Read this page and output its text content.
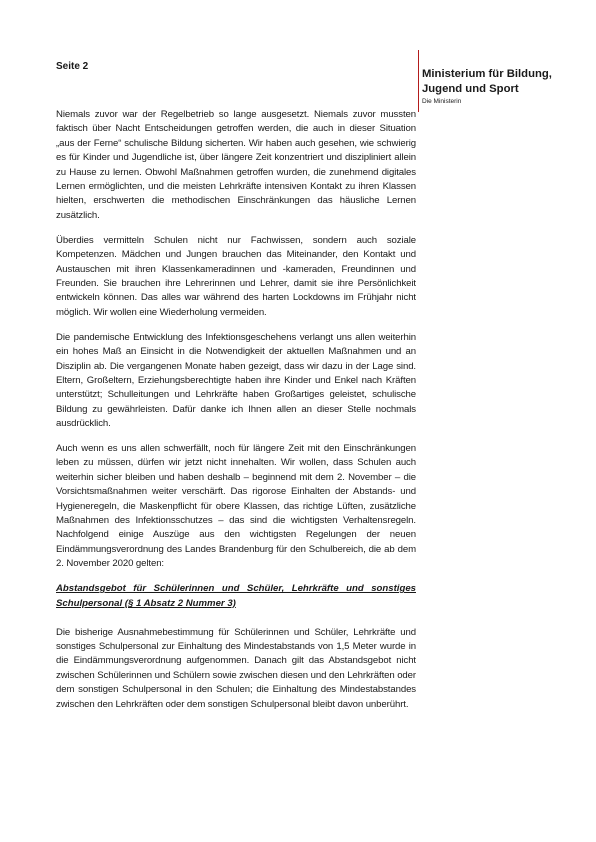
Seite 2
Ministerium für Bildung,
Jugend und Sport
Die Ministerin

Niemals zuvor war der Regelbetrieb so lange ausgesetzt. Niemals zuvor mussten faktisch über Nacht Entscheidungen getroffen werden, die auch in dieser Situation „aus der Ferne“ schulische Bildung sicherten. Wir haben auch gesehen, wie schwierig es für Kinder und Jugendliche ist, über längere Zeit konzentriert und diszipliniert allein zu Hause zu lernen. Obwohl Maßnahmen getroffen wurden, die zunehmend digitales Lernen ermöglichten, und die meisten Lehrkräfte intensiven Kontakt zu ihren Klassen hielten, erschwerten die methodischen Einschränkungen das häusliche Lernen zusätzlich.

Überdies vermitteln Schulen nicht nur Fachwissen, sondern auch soziale Kompetenzen. Mädchen und Jungen brauchen das Miteinander, den Kontakt und Austauschen mit ihren Klassenkameradinnen und -kameraden, Freundinnen und Freunden. Sie brauchen ihre Lehrerinnen und Lehrer, damit sie ihre Persönlichkeit entwickeln können. Das alles war während des harten Lockdowns im Frühjahr nicht möglich. Wir wollen eine Wiederholung vermeiden.

Die pandemische Entwicklung des Infektionsgeschehens verlangt uns allen weiterhin ein hohes Maß an Einsicht in die Notwendigkeit der aktuellen Maßnahmen und an Disziplin ab. Die vergangenen Monate haben gezeigt, dass wir dazu in der Lage sind. Eltern, Großeltern, Erziehungsberechtigte haben ihre Kinder und Enkel nach Kräften unterstützt; Schulleitungen und Lehrkräfte haben Großartiges geleistet, schulische Bildung zu gewährleisten. Dafür danke ich Ihnen allen an dieser Stelle nochmals ausdrücklich.

Auch wenn es uns allen schwerfällt, noch für längere Zeit mit den Einschränkungen leben zu müssen, dürfen wir jetzt nicht innehalten. Wir wollen, dass Schulen auch weiterhin sicher bleiben und haben deshalb – beginnend mit dem 2. November – die Vorsichtsmaßnahmen weiter verschärft. Das rigorose Einhalten der Abstands- und Hygieneregeln, die Maskenpflicht für obere Klassen, das richtige Lüften, zusätzliche Maßnahmen des Infektionsschutzes – das sind die wichtigsten Verhaltensregeln. Nachfolgend einige Auszüge aus den wichtigsten Regelungen der neuen Eindämmungsverordnung des Landes Brandenburg für den Schulbereich, die ab dem 2. November 2020 gelten:

Abstandsgebot für Schülerinnen und Schüler, Lehrkräfte und sonstiges Schulpersonal (§ 1 Absatz 2 Nummer 3)

Die bisherige Ausnahmebestimmung für Schülerinnen und Schüler, Lehrkräfte und sonstiges Schulpersonal zur Einhaltung des Mindestabstands von 1,5 Meter wurde in die Eindämmungsverordnung aufgenommen. Danach gilt das Abstandsgebot nicht zwischen Schülerinnen und Schülern sowie zwischen diesen und den Lehrkräften oder dem sonstigen Schulpersonal in den Schulen; die Einhaltung des Mindestabstandes zwischen den Lehrkräften oder dem sonstigen Schulpersonal bleibt davon unberührt.
